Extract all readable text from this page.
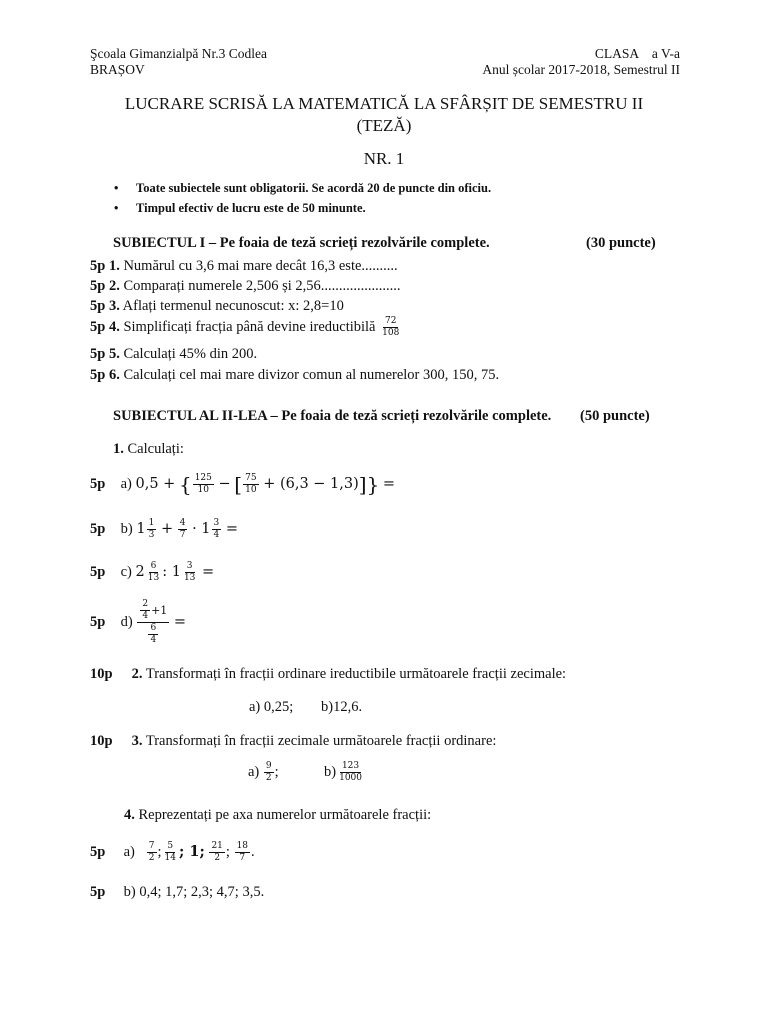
Şcoala Gimanzialpă Nr.3 Codlea
BRAȘOV
CLASA    a V-a
Anul școlar 2017-2018, Semestrul II
LUCRARE SCRISĂ LA MATEMATICĂ LA SFÂRȘIT DE SEMESTRU II
(TEZĂ)
NR. 1
• Toate subiectele sunt obligatorii. Se acordă 20 de puncte din oficiu.
• Timpul efectiv de lucru este de 50 minunte.
SUBIECTUL I – Pe foaia de teză scrieți rezolvările complete.	(30 puncte)
5p 1. Numărul cu 3,6 mai mare decât 16,3 este..........
5p 2. Comparați numerele 2,506 și 2,56......................
5p 3. Aflați termenul necunoscut: x: 2,8=10
5p 4. Simplificați fracția până devine ireductibilă $\frac{72}{108}$
5p 5. Calculați 45% din 200.
5p 6. Calculați cel mai mare divizor comun al numerelor 300, 150, 75.
SUBIECTUL AL II-LEA – Pe foaia de teză scrieți rezolvările complete. (50 puncte)
1. Calculați:
5p a) 0,5 + { $\frac{125}{10}$ − [ $\frac{75}{10} + (6,3 - 1,3)$]} =
5p b) $1 \frac{1}{3} + \frac{4}{7} \cdot 1 \frac{3}{4}$ =
5p c) $2 \frac{6}{13}$ : $1 \frac{3}{13}$ =
5p $d) \frac{\frac{2}{4} +1}{\frac{6}{4}}$ =
10p 2. Transformați în fracții ordinare ireductibile următoarele fracții zecimale:
a) 0,25; b)12,6.
10p 3. Transformați în fracții zecimale următoarele fracții ordinare:
$a) \frac{9}{2}$ ;	$b) \frac{123}{1000}$
4. Reprezentați pe axa numerelor următoarele fracții:
5p $a) \frac{7}{2}$ ; $\frac{5}{14}$ ; 1; $\frac{21}{2}$ ; $\frac{18}{7}$ .
5p b) 0,4; 1,7; 2,3; 4,7; 3,5.
